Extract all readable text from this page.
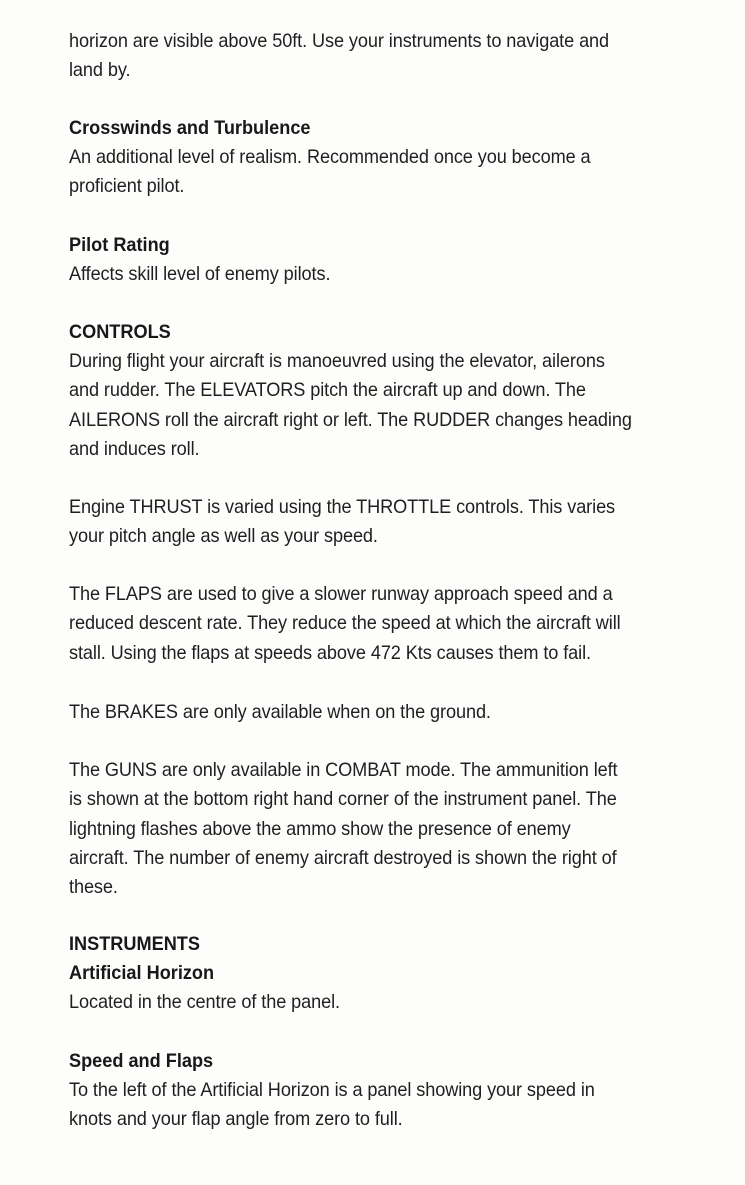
horizon are visible above 50ft. Use your instruments to navigate and
land by.

Crosswinds and Turbulence

An additional level of realism. Recommended once you become a
proficient pilot.

Pilot Rating

Affects skill level of enemy pilots.

CONTROLS

During flight your aircraft is manoeuvred using the elevator, ailerons
and rudder. The ELEVATORS pitch the aircraft up and down. The
AILERONS roll the aircraft right or left. The RUDDER changes heading
and induces roll.

Engine THRUST is varied using the THROTTLE controls. This varies
your pitch angle as well as your speed.

The FLAPS are used to give a slower runway approach speed and a
reduced descent rate. They reduce the speed at which the aircraft will
stall. Using the flaps at speeds above 472 Kts causes them to fail.

The BRAKES are only available when on the ground.

The GUNS are only available in COMBAT mode. The ammunition left
is shown at the bottom right hand corner of the instrument panel. The
lightning flashes above the ammo show the presence of enemy
aircraft. The number of enemy aircraft destroyed is shown the right of
these.

INSTRUMENTS
Artificial Horizon

Located in the centre of the panel.

Speed and Flaps

To the left of the Artificial Horizon is a panel showing your speed in
knots and your flap angle from zero to full.
